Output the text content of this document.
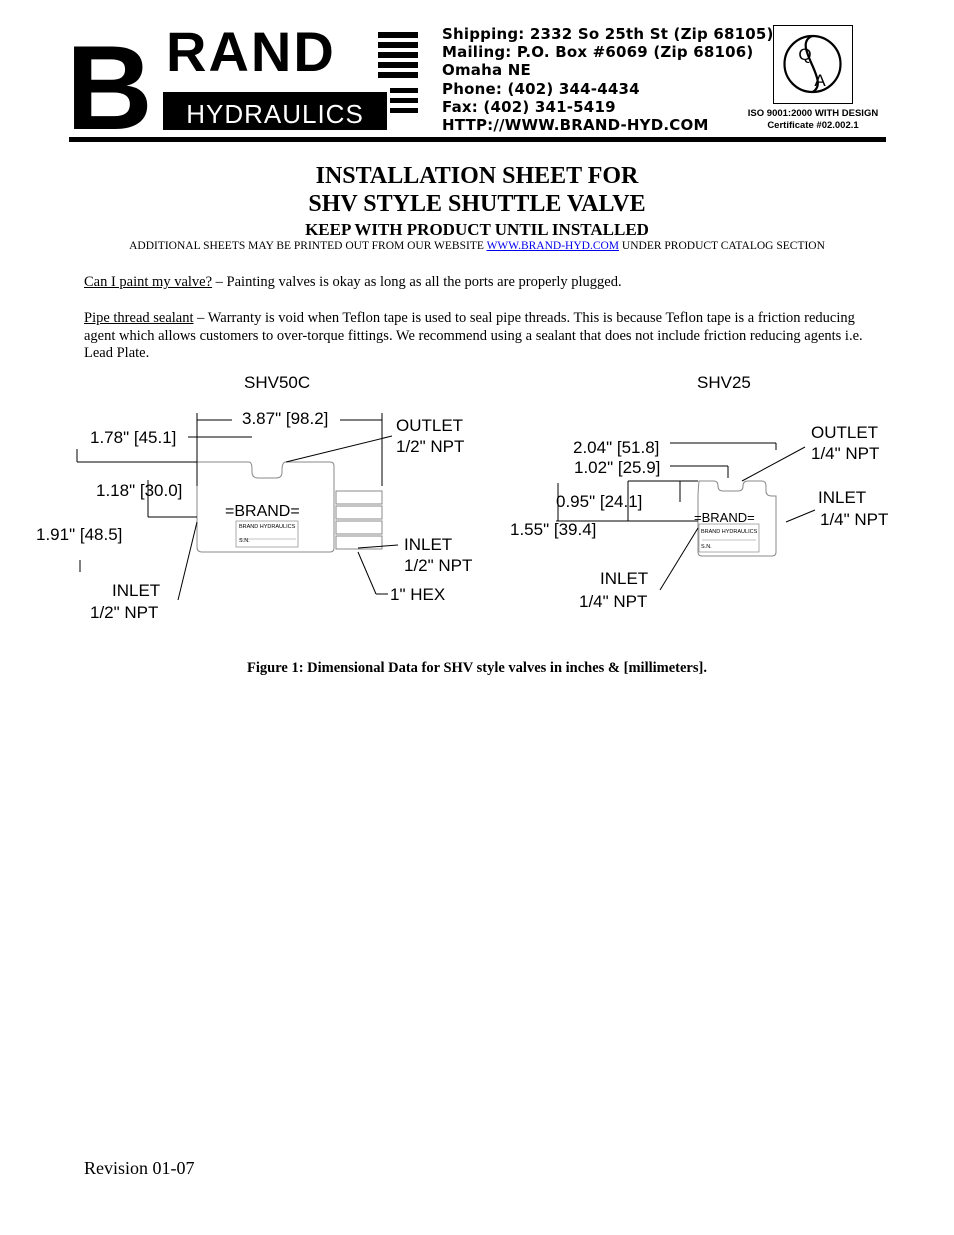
B RAND
HYDRAULICS
Shipping: 2332 So 25th St (Zip 68105)
Mailing: P.O. Box #6069 (Zip 68106)
Omaha NE
Phone: (402) 344-4434
Fax: (402) 341-5419
HTTP://WWW.BRAND-HYD.COM
Q
A
ISO 9001:2000 WITH DESIGN
Certificate #02.002.1
INSTALLATION SHEET FOR
SHV STYLE SHUTTLE VALVE
KEEP WITH PRODUCT UNTIL INSTALLED
ADDITIONAL SHEETS MAY BE PRINTED OUT FROM OUR WEBSITE WWW.BRAND-HYD.COM UNDER PRODUCT CATALOG SECTION
Can I paint my valve? – Painting valves is okay as long as all the ports are properly plugged.
Pipe thread sealant – Warranty is void when Teflon tape is used to seal pipe threads. This is because Teflon tape is a friction reducing agent which allows customers to over-torque fittings. We recommend using a sealant that does not include friction reducing agents i.e. Lead Plate.
SHV50C
3.87" [98.2]	OUTLET
1/2" NPT
1.78" [45.1]
1.18" [30.0]
1.91" [48.5]
INLET
1/2" NPT
1" HEX
INLET
1/2" NPT
=BRAND=
BRAND HYDRAULICS
S.N.
SHV25
2.04" [51.8]
1.02" [25.9]
0.95" [24.1]
1.55" [39.4]
OUTLET
1/4" NPT
INLET
1/4" NPT
INLET
1/4" NPT
=BRAND=
BRAND HYDRAULICS
S.N.
Figure 1: Dimensional Data for SHV style valves in inches & [millimeters].
Revision 01-07
